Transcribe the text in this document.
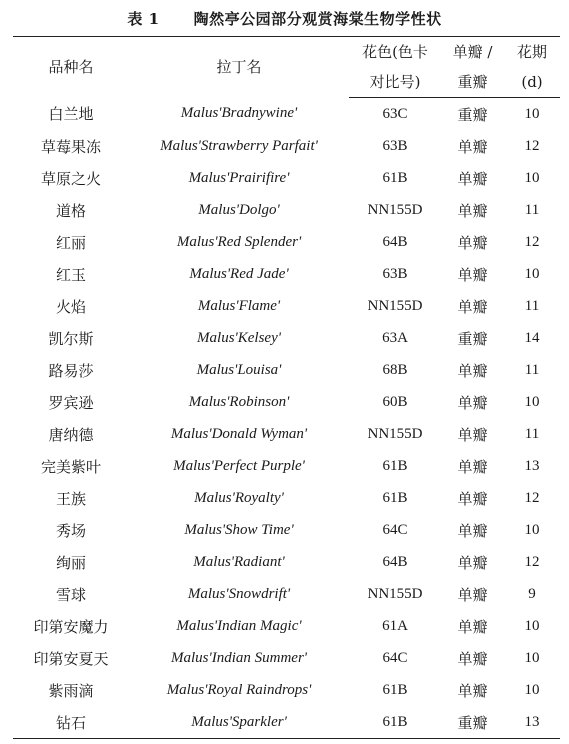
表 1 陶然亭公园部分观赏海棠生物学性状
品种名	拉丁名	花色(色卡	单瓣 /	花期
		对比号)	重瓣	(d)
白兰地	Malus'Bradnywine'	63C	重瓣	10
草莓果冻	Malus'Strawberry Parfait'	63B	单瓣	12
草原之火	Malus'Prairifire'	61B	单瓣	10
道格	Malus'Dolgo'	NN155D	单瓣	11
红丽	Malus'Red Splender'	64B	单瓣	12
红玉	Malus'Red Jade'	63B	单瓣	10
火焰	Malus'Flame'	NN155D	单瓣	11
凯尔斯	Malus'Kelsey'	63A	重瓣	14
路易莎	Malus'Louisa'	68B	单瓣	11
罗宾逊	Malus'Robinson'	60B	单瓣	10
唐纳德	Malus'Donald Wyman'	NN155D	单瓣	11
完美紫叶	Malus'Perfect Purple'	61B	单瓣	13
王族	Malus'Royalty'	61B	单瓣	12
秀场	Malus'Show Time'	64C	单瓣	10
绚丽	Malus'Radiant'	64B	单瓣	12
雪球	Malus'Snowdrift'	NN155D	单瓣	9
印第安魔力	Malus'Indian Magic'	61A	单瓣	10
印第安夏天	Malus'Indian Summer'	64C	单瓣	10
紫雨滴	Malus'Royal Raindrops'	61B	单瓣	10
钻石	Malus'Sparkler'	61B	重瓣	13
